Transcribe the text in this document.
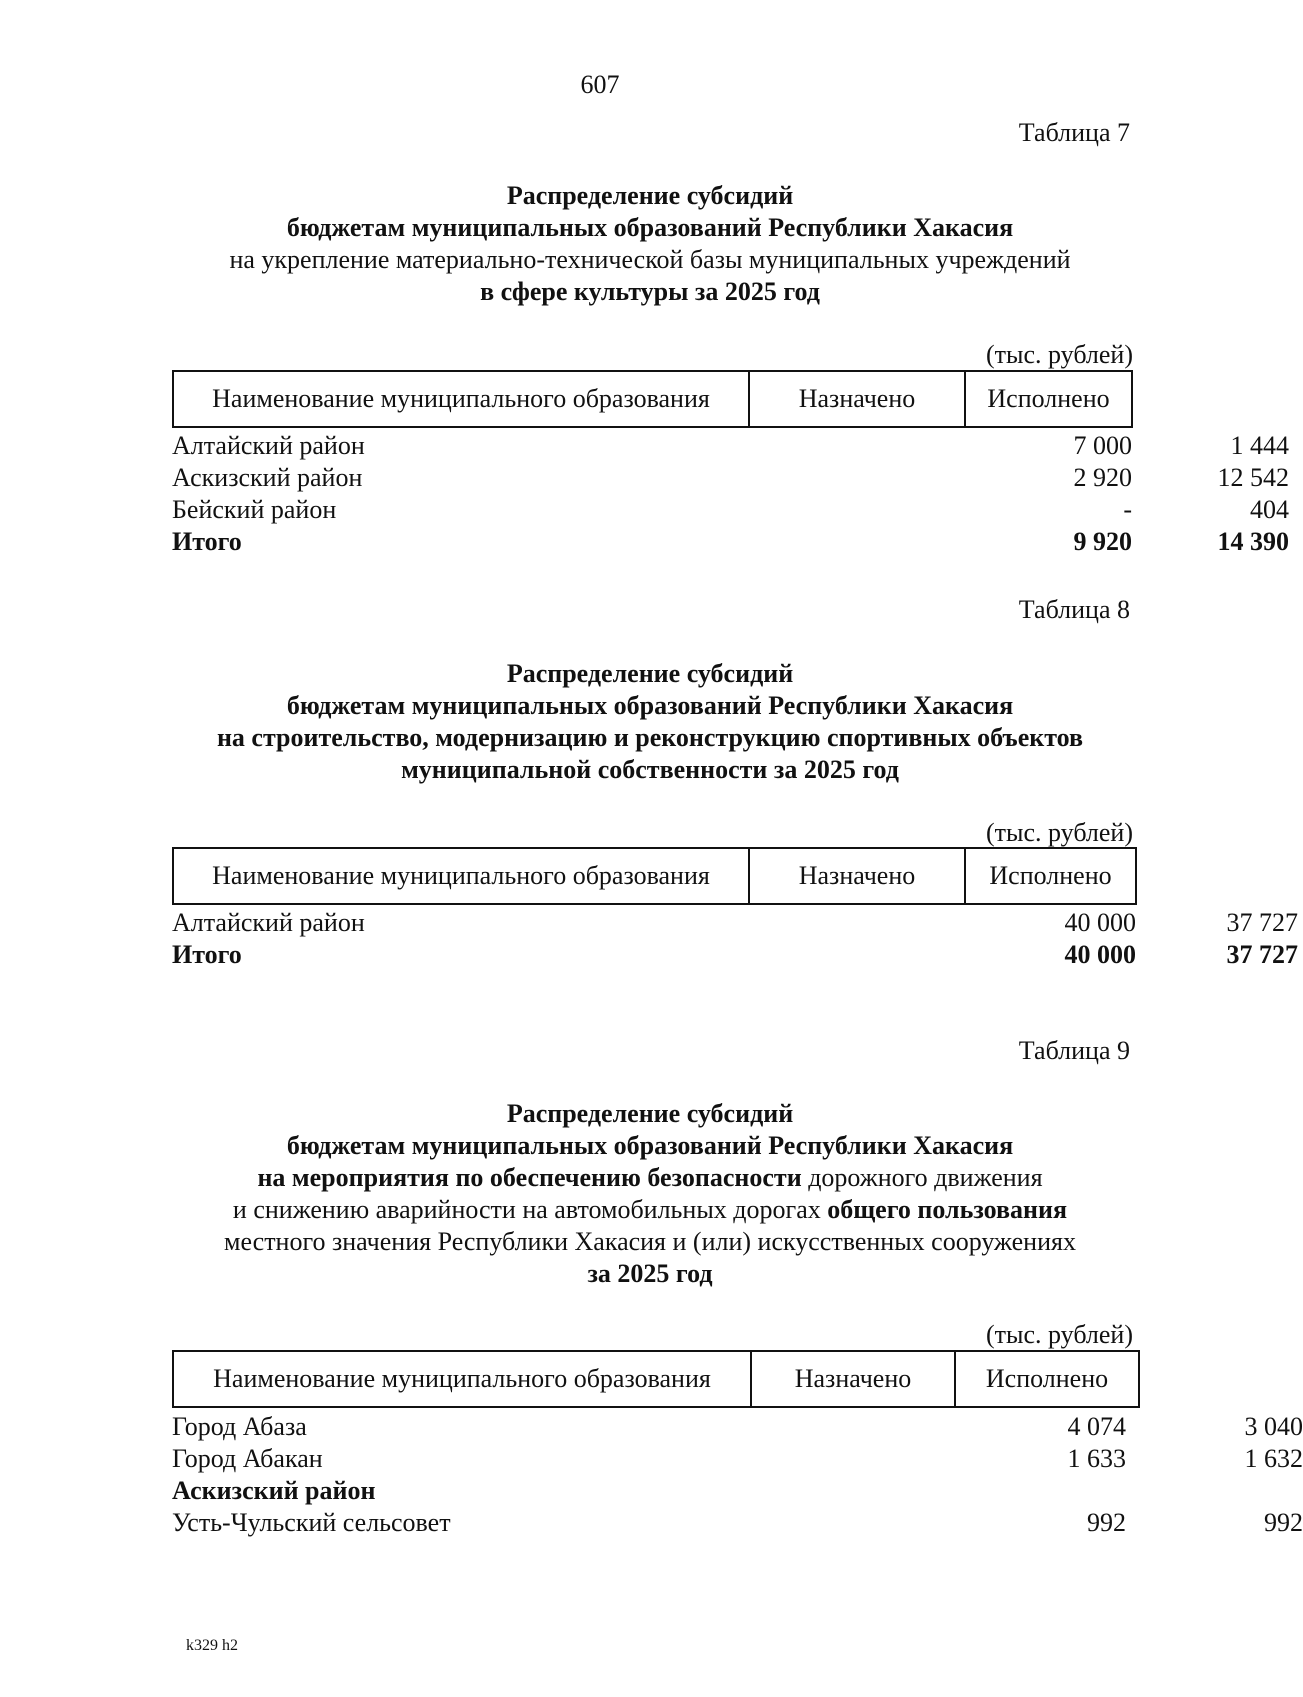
607
Таблица 7
Распределение субсидий
бюджетам муниципальных образований Республики Хакасия
на укрепление материально-технической базы муниципальных учреждений
в сфере культуры за 2025 год
(тыс. рублей)
Наименование муниципального образования	Назначено	Исполнено
Алтайский район	7 000	1 444
Аскизский район	2 920	12 542
Бейский район	-	404
Итого	9 920	14 390
Таблица 8
Распределение субсидий
бюджетам муниципальных образований Республики Хакасия
на строительство, модернизацию и реконструкцию спортивных объектов
муниципальной собственности за 2025 год
(тыс. рублей)
Наименование муниципального образования	Назначено	Исполнено
Алтайский район	40 000	37 727
Итого	40 000	37 727
Таблица 9
Распределение субсидий
бюджетам муниципальных образований Республики Хакасия
на мероприятия по обеспечению безопасности дорожного движения
и снижению аварийности на автомобильных дорогах общего пользования
местного значения Республики Хакасия и (или) искусственных сооружениях
за 2025 год
(тыс. рублей)
Наименование муниципального образования	Назначено	Исполнено
Город Абаза	4 074	3 040
Город Абакан	1 633	1 632
Аскизский район
Усть-Чульский сельсовет	992	992
k329 h2
